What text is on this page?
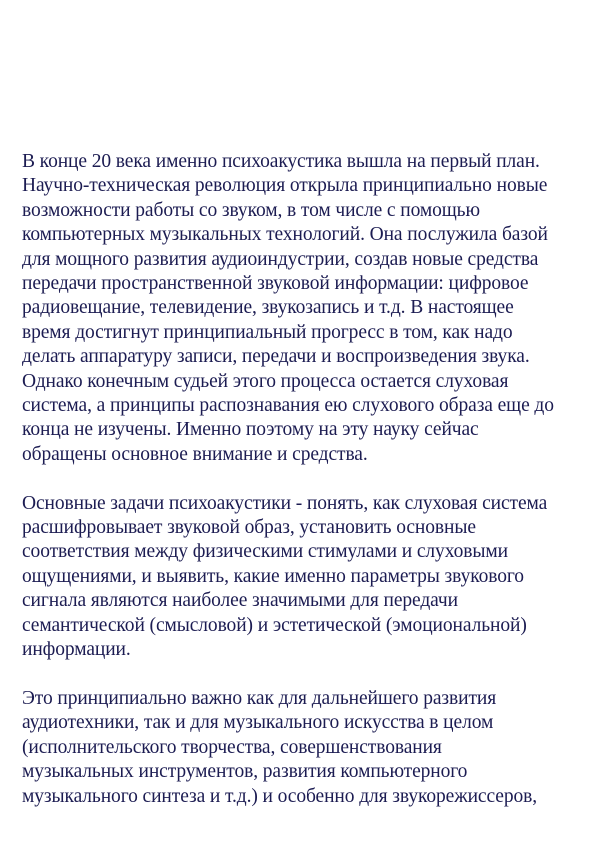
В конце 20 века именно психоакустика вышла на первый план.
Научно-техническая революция открыла принципиально новые
возможности работы со звуком, в том числе с помощью
компьютерных музыкальных технологий. Она послужила базой
для мощного развития аудиоиндустрии, создав новые средства
передачи пространственной звуковой информации: цифровое
радиовещание, телевидение, звукозапись и т.д. В настоящее
время достигнут принципиальный прогресс в том, как надо
делать аппаратуру записи, передачи и воспроизведения звука.
Однако конечным судьей этого процесса остается слуховая
система, а принципы распознавания ею слухового образа еще до
конца не изучены. Именно поэтому на эту науку сейчас
обращены основное внимание и средства.

Основные задачи психоакустики - понять, как слуховая система
расшифровывает звуковой образ, установить основные
соответствия между физическими стимулами и слуховыми
ощущениями, и выявить, какие именно параметры звукового
сигнала являются наиболее значимыми для передачи
семантической (смысловой) и эстетической (эмоциональной)
информации.

Это принципиально важно как для дальнейшего развития
аудиотехники, так и для музыкального искусства в целом
(исполнительского творчества, совершенствования
музыкальных инструментов, развития компьютерного
музыкального синтеза и т.д.) и особенно для звукорежиссеров,
